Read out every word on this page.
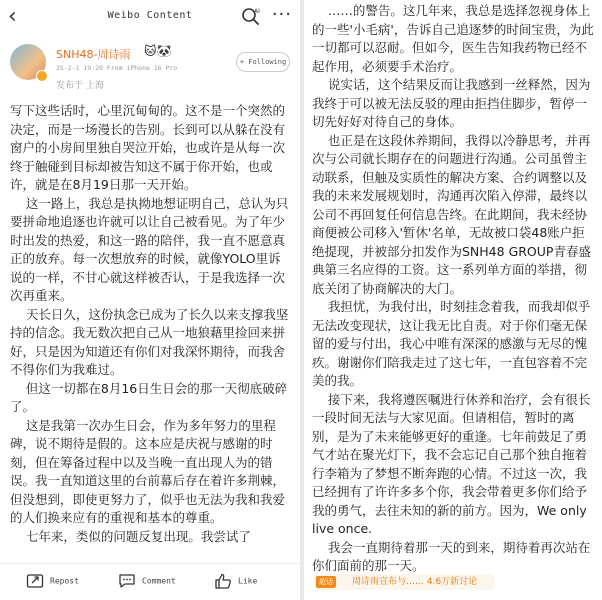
‹	Weibo Content	AI ···
SNH48-周诗雨 🐱🐼
25-2-1 19:20 From iPhone 16 Pro
发布于 上海
+ Following

写下这些话时，心里沉甸甸的。这不是一个突然的决定，而是一场漫长的告别。长到可以从躲在没有窗户的小房间里独自哭泣开始，也或许是从每一次终于触碰到目标却被告知这不属于你开始，也或许，就是在8月19日那一天开始。

这一路上，我总是执拗地想证明自己，总认为只要拼命地追逐也许就可以让自己被看见。为了年少时出发的热爱，和这一路的陪伴，我一直不愿意真正的放弃。每一次想放弃的时候，就像YOLO里诉说的一样，不甘心就这样被否认，于是我选择一次次再重来。

天长日久，这份执念已成为了长久以来支撑我坚持的信念。我无数次把自己从一地狼藉里捡回来拼好，只是因为知道还有你们对我深怀期待，而我舍不得你们为我难过。

但这一切都在8月16日生日会的那一天彻底破碎了。

这是我第一次办生日会，作为多年努力的里程碑，说不期待是假的。这本应是庆祝与感谢的时刻，但在筹备过程中以及当晚一直出现人为的错误。我一直知道这里的台前幕后存在着许多荆棘，但没想到，即使更努力了，似乎也无法为我和我爱的人们换来应有的重视和基本的尊重。

七年来，类似的问题反复出现。我尝试了

Repost	Comment	Like

……的警告。这几年来，我总是选择忽视身体上的一些'小毛病'，告诉自己追逐梦的时间宝贵，为此一切都可以忍耐。但如今，医生告知我药物已经不起作用，必须要手术治疗。

说实话，这个结果反而让我感到一丝释然，因为我终于可以被无法反驳的理由拒挡住脚步，暂停一切先好好对待自己的身体。

也正是在这段休养期间，我得以冷静思考，并再次与公司就长期存在的问题进行沟通。公司虽曾主动联系，但触及实质性的解决方案、合约调整以及我的未来发展规划时，沟通再次陷入停滞，最终以公司不再回复任何信息告终。在此期间，我未经协商便被公司移入'暂休'名单，无故被口袋48账户拒绝提现，并被部分扣发作为SNH48 GROUP青春盛典第三名应得的工资。这一系列单方面的举措，彻底关闭了协商解决的大门。

我担忧，为我付出，时刻挂念着我，而我却似乎无法改变现状，这让我无比自责。对于你们毫无保留的爱与付出，我心中唯有深深的感激与无尽的愧疚。谢谢你们陪我走过了这七年，一直包容着不完美的我。

接下来，我将遵医嘱进行休养和治疗，会有很长一段时间无法与大家见面。但请相信，暂时的离别，是为了未来能够更好的重逢。七年前鼓足了勇气才站在聚光灯下，我不会忘记自己那个独自拖着行李箱为了梦想不断奔跑的心情。不过这一次，我已经拥有了许许多多个你，我会带着更多你们给予我的勇气，去往未知的新的前方。因为，We only live once.

我会一直期待着那一天的到来，期待着再次站在你们面前的那一天。

超话	周诗雨宣布与…… 4.6万新讨论
